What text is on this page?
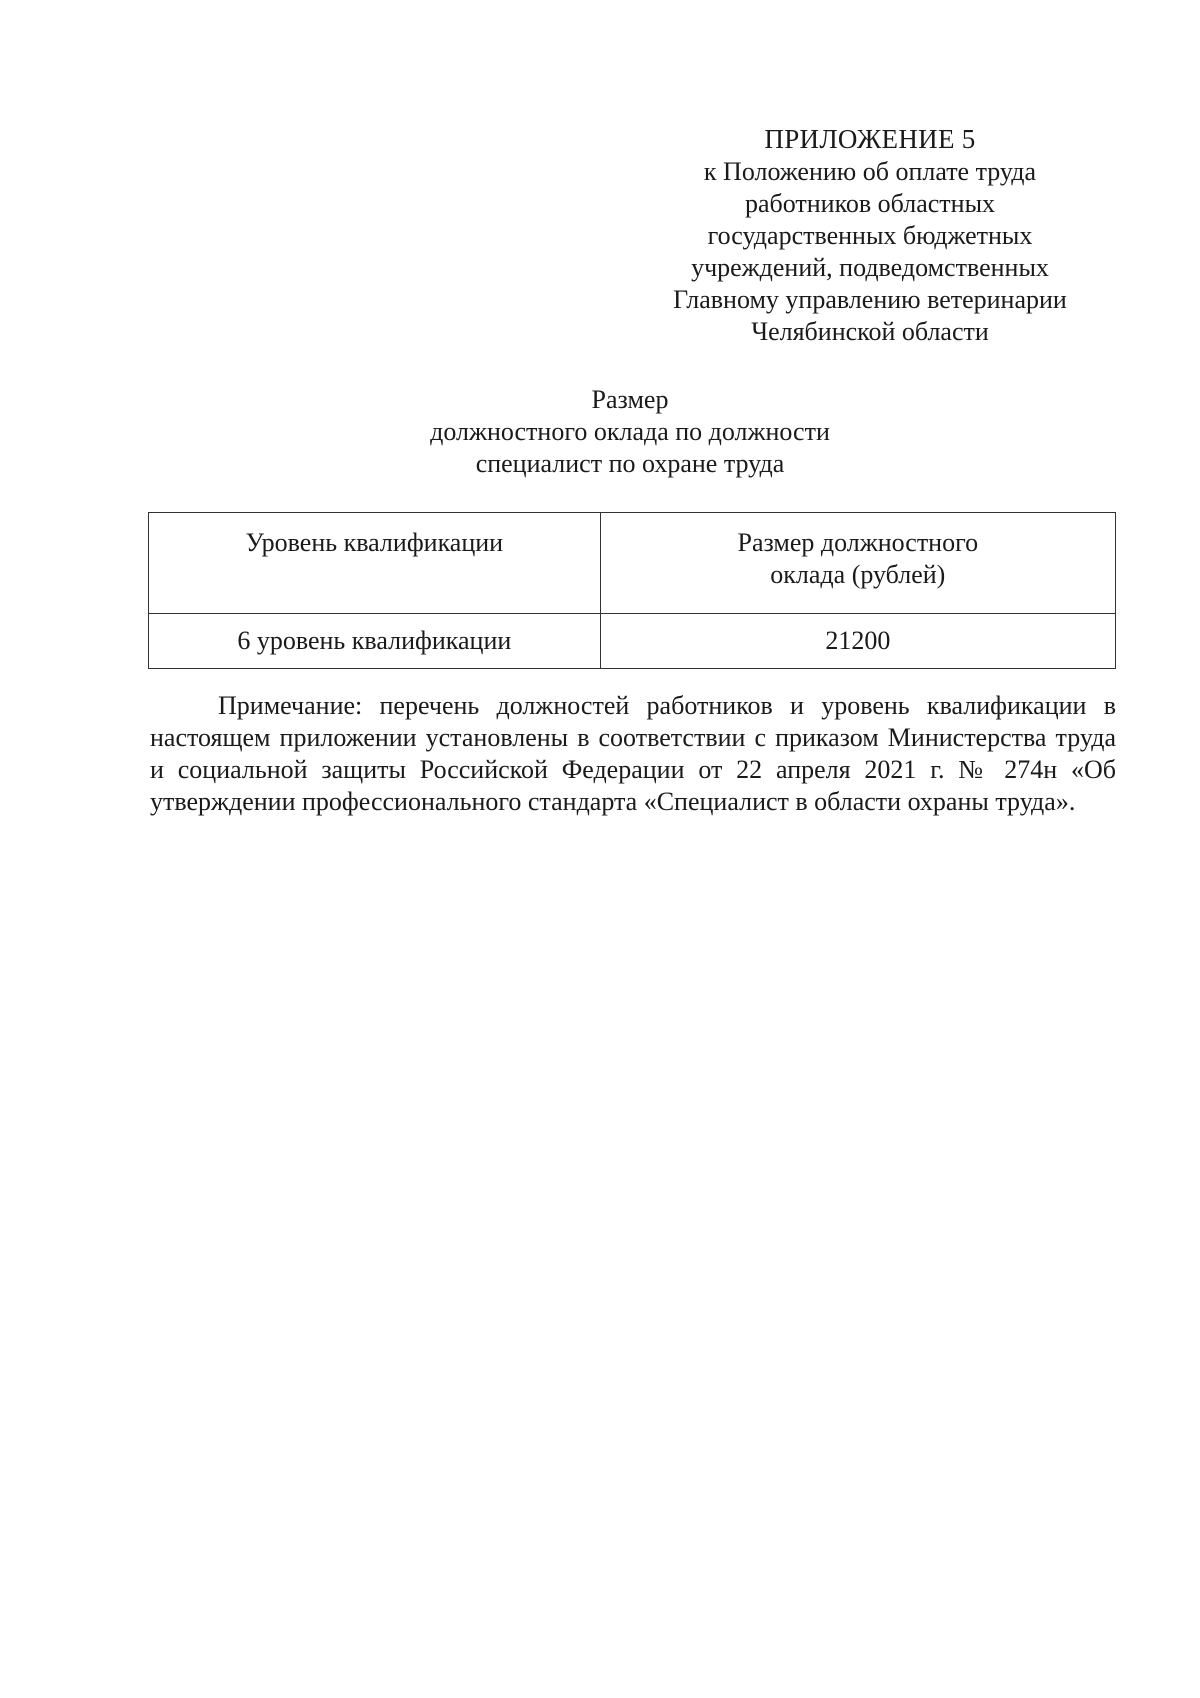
ПРИЛОЖЕНИЕ 5
к Положению об оплате труда
работников областных
государственных бюджетных
учреждений, подведомственных
Главному управлению ветеринарии
Челябинской области
Размер
должностного оклада по должности
специалист по охране труда
Уровень квалификации	Размер должностного
оклада (рублей)

6 уровень квалификации	21200
Примечание: перечень должностей работников и уровень квалификации в настоящем приложении установлены в соответствии с приказом Министерства труда и социальной защиты Российской Федерации от 22 апреля 2021 г. № 274н «Об утверждении профессионального стандарта «Специалист в области охраны труда».
